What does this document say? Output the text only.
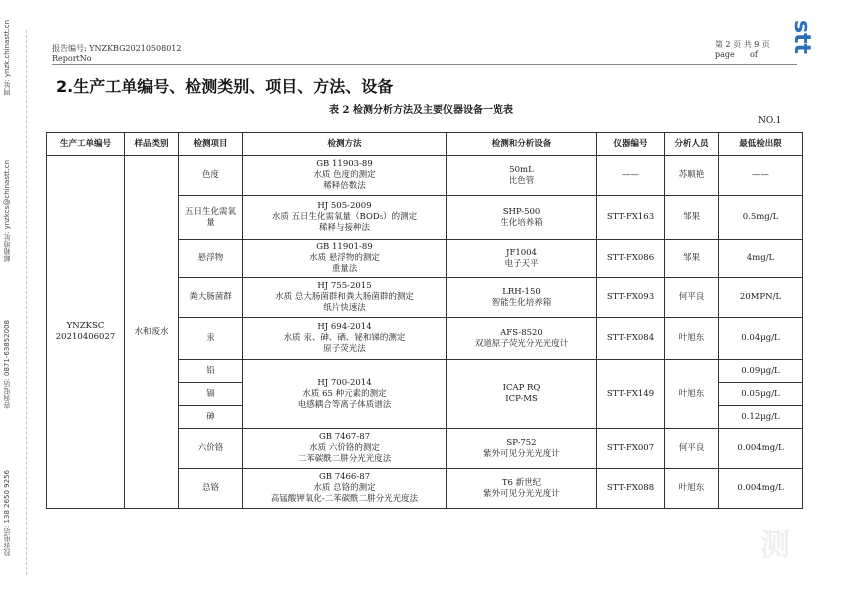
网址: ynzk.chinastt.cn
邮箱地址: ynzkcs@chinastt.cn
咨询电话: 0871-63852008
投诉电话: 138 2650 9256
报告编号: YNZKBG20210508012
ReportNo
第 2 页 共 9 页
page      of
stt
2.生产工单编号、检测类别、项目、方法、设备
表 2 检测分析方法及主要仪器设备一览表
NO.1
生产工单编号	样品类别	检测项目	检测方法	检测和分析设备	仪器编号	分析人员	最低检出限
YNZKSC
20210406027	水和废水	色度	GB 11903-89
水质 色度的测定
稀释倍数法	50mL
比色管	——	苏顺艳	——
		五日生化需氧量	HJ 505-2009
水质 五日生化需氧量（BOD₅）的测定
稀释与接种法	SHP-500
生化培养箱	STT-FX163	邹果	0.5mg/L
		悬浮物	GB 11901-89
水质 悬浮物的测定
重量法	JF1004
电子天平	STT-FX086	邹果	4mg/L
		粪大肠菌群	HJ 755-2015
水质 总大肠菌群和粪大肠菌群的测定
纸片快速法	LRH-150
智能生化培养箱	STT-FX093	何平良	20MPN/L
		汞	HJ 694-2014
水质 汞、砷、硒、铋和锑的测定
原子荧光法	AFS-8520
双道原子荧光分光光度计	STT-FX084	叶旭东	0.04μg/L
		铅	HJ 700-2014
水质 65 种元素的测定
电感耦合等离子体质谱法	ICAP RQ
ICP-MS	STT-FX149	叶旭东	0.09μg/L
		镉					0.05μg/L
		砷					0.12μg/L
		六价铬	GB 7467-87
水质 六价铬的测定
二苯碳酰二肼分光光度法	SP-752
紫外可见分光光度计	STT-FX007	何平良	0.004mg/L
		总铬	GB 7466-87
水质 总铬的测定
高锰酸钾氧化-二苯碳酰二肼分光光度法	T6 新世纪
紫外可见分光光度计	STT-FX088	叶旭东	0.004mg/L
测
